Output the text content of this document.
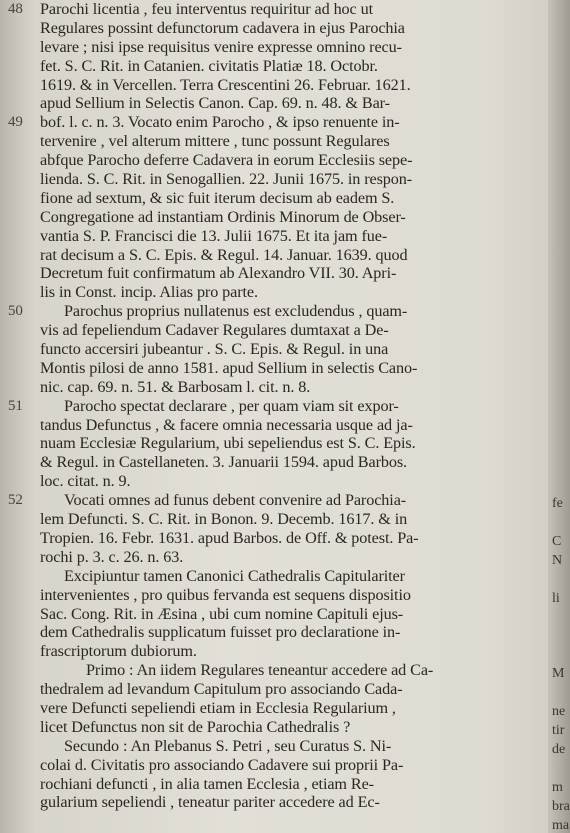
48	Parochi licentia , feu interventus requiritur ad hoc ut
Regulares possint defunctorum cadavera in ejus Parochia
levare ; nisi ipse requisitus venire expresse omnino recu-
fet. S. C. Rit. in Catanien. civitatis Platiæ 18. Octobr.
1619. & in Vercellen. Terra Crescentini 26. Februar. 1621.
apud Sellium in Selectis Canon. Cap. 69. n. 48. & Bar-
49	bof. l. c. n. 3. Vocato enim Parocho , & ipso renuente in-
tervenire , vel alterum mittere , tunc possunt Regulares
abfque Parocho deferre Cadavera in eorum Ecclesiis sepe-
lienda. S. C. Rit. in Senogallien. 22. Junii 1675. in respon-
fione ad sextum, & sic fuit iterum decisum ab eadem S.
Congregatione ad instantiam Ordinis Minorum de Obser-
vantia S. P. Francisci die 13. Julii 1675. Et ita jam fue-
rat decisum a S. C. Epis. & Regul. 14. Januar. 1639. quod
Decretum fuit confirmatum ab Alexandro VII. 30. Apri-
lis in Const. incip. Alias pro parte.
50	Parochus proprius nullatenus est excludendus , quam-
vis ad fepeliendum Cadaver Regulares dumtaxat a De-
functo accersiri jubeantur . S. C. Epis. & Regul. in una
Montis pilosi de anno 1581. apud Sellium in selectis Cano-
nic. cap. 69. n. 51. & Barbosam l. cit. n. 8.
51	Parocho spectat declarare , per quam viam sit expor-
tandus Defunctus , & facere omnia necessaria usque ad ja-
nuam Ecclesiæ Regularium, ubi sepeliendus est S. C. Epis.
& Regul. in Castellaneten. 3. Januarii 1594. apud Barbos.
loc. citat. n. 9.
52	Vocati omnes ad funus debent convenire ad Parochia-
lem Defuncti. S. C. Rit. in Bonon. 9. Decemb. 1617. & in
Tropien. 16. Febr. 1631. apud Barbos. de Off. & potest. Pa-
rochi p. 3. c. 26. n. 63.
Excipiuntur tamen Canonici Cathedralis Capitulariter
intervenientes , pro quibus fervanda est sequens dispositio
Sac. Cong. Rit. in Æsina , ubi cum nomine Capituli ejus-
dem Cathedralis supplicatum fuisset pro declaratione in-
frascriptorum dubiorum.
Primo : An iidem Regulares teneantur accedere ad Ca-
thedralem ad levandum Capitulum pro associando Cada-
vere Defuncti sepeliendi etiam in Ecclesia Regularium ,
licet Defunctus non sit de Parochia Cathedralis ?
Secundo : An Plebanus S. Petri , seu Curatus S. Ni-
colai d. Civitatis pro associando Cadavere sui proprii Pa-
rochiani defuncti , in alia tamen Ecclesia , etiam Re-
gularium sepeliendi , teneatur pariter accedere ad Ec-
fe
C
N
li
M
ne
tir
de
m
bra
ma
